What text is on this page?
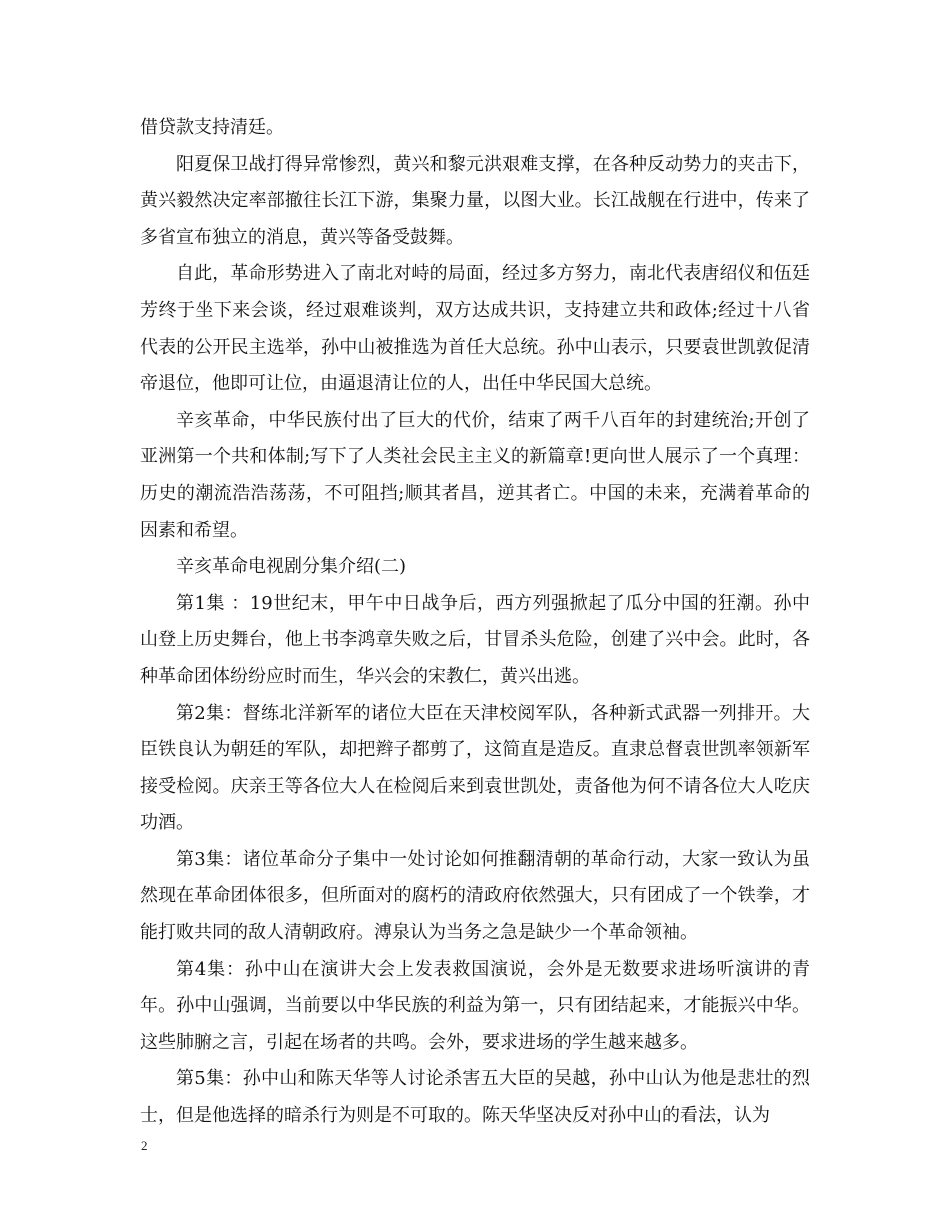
借贷款支持清廷。

阳夏保卫战打得异常惨烈，黄兴和黎元洪艰难支撑，在各种反动势力的夹击下，黄兴毅然决定率部撤往长江下游，集聚力量，以图大业。长江战舰在行进中，传来了多省宣布独立的消息，黄兴等备受鼓舞。

自此，革命形势进入了南北对峙的局面，经过多方努力，南北代表唐绍仪和伍廷芳终于坐下来会谈，经过艰难谈判，双方达成共识，支持建立共和政体;经过十八省代表的公开民主选举，孙中山被推选为首任大总统。孙中山表示，只要袁世凯敦促清帝退位，他即可让位，由逼退清让位的人，出任中华民国大总统。

辛亥革命，中华民族付出了巨大的代价，结束了两千八百年的封建统治;开创了亚洲第一个共和体制;写下了人类社会民主主义的新篇章!更向世人展示了一个真理：历史的潮流浩浩荡荡，不可阻挡;顺其者昌，逆其者亡。中国的未来，充满着革命的因素和希望。

辛亥革命电视剧分集介绍(二)

第1集 ：19世纪末，甲午中日战争后，西方列强掀起了瓜分中国的狂潮。孙中山登上历史舞台，他上书李鸿章失败之后，甘冒杀头危险，创建了兴中会。此时，各种革命团体纷纷应时而生，华兴会的宋教仁，黄兴出逃。

第2集：督练北洋新军的诸位大臣在天津校阅军队，各种新式武器一列排开。大臣铁良认为朝廷的军队，却把辫子都剪了，这简直是造反。直隶总督袁世凯率领新军接受检阅。庆亲王等各位大人在检阅后来到袁世凯处，责备他为何不请各位大人吃庆功酒。

第3集：诸位革命分子集中一处讨论如何推翻清朝的革命行动，大家一致认为虽然现在革命团体很多，但所面对的腐朽的清政府依然强大，只有团成了一个铁拳，才能打败共同的敌人清朝政府。溥泉认为当务之急是缺少一个革命领袖。

第4集：孙中山在演讲大会上发表救国演说，会外是无数要求进场听演讲的青年。孙中山强调，当前要以中华民族的利益为第一，只有团结起来，才能振兴中华。这些肺腑之言，引起在场者的共鸣。会外，要求进场的学生越来越多。

第5集：孙中山和陈天华等人讨论杀害五大臣的吴越，孙中山认为他是悲壮的烈士，但是他选择的暗杀行为则是不可取的。陈天华坚决反对孙中山的看法，认为

2
